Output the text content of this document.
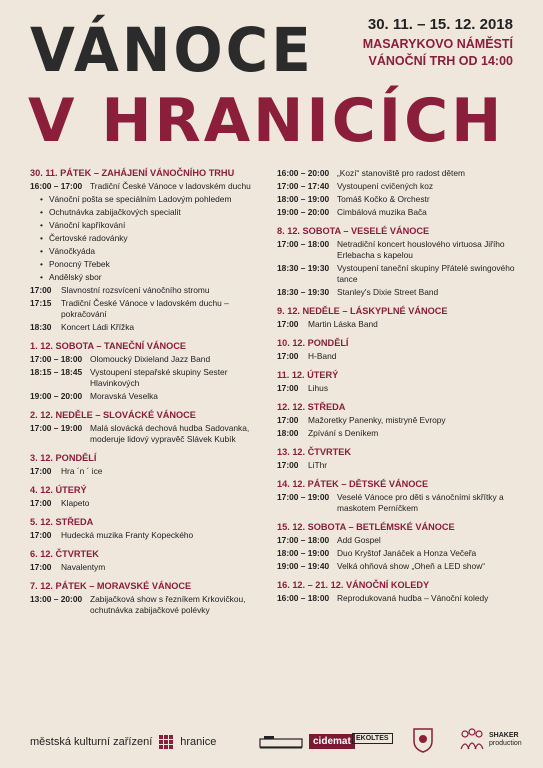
VÁNOCE
V HRANICÍCH
30. 11. – 15. 12. 2018
MASARYKOVO NÁMĚSTÍ
VÁNOČNÍ TRH OD 14:00
30. 11. PÁTEK – ZAHÁJENÍ VÁNOČNÍHO TRHU
16:00 – 17:00 Tradiční České Vánoce v ladovském duchu
• Vánoční pošta se speciálním Ladovým pohledem
• Ochutnávka zabijačkových specialit
• Vánoční kapříkování
• Čertovské radovánky
• Vánočkyáda
• Ponocný Třebek
• Andělský sbor
17:00	Slavnostní rozsvícení vánočního stromu
17:15	Tradiční České Vánoce v ladovském duchu – pokračování
18:30	Koncert Ládi Křížka
1. 12. SOBOTA – TANEČNÍ VÁNOCE
17:00 – 18:00 Olomoucký Dixieland Jazz Band
18:15 – 18:45 Vystoupení stepařské skupiny Sester Hlavinkových
19:00 – 20:00 Moravská Veselka
2. 12. NEDĚLE – SLOVÁCKÉ VÁNOCE
17:00 – 19:00 Malá slovácká dechová hudba Sadovanka, moderuje lidový vypravěč Slávek Kubík
3. 12. PONDĚLÍ
17:00	Hra ´n ´ ice
4. 12. ÚTERÝ
17:00	Klapeto
5. 12. STŘEDA
17:00	Hudecká muzika Franty Kopeckého
6. 12. ČTVRTEK
17:00	Navalentym
7. 12. PÁTEK – MORAVSKÉ VÁNOCE
13:00 – 20:00 Zabijačková show s řezníkem Krkovičkou, ochutnávka zabijačkové polévky
16:00 – 20:00 „Kozí“ stanoviště pro radost dětem
17:00 – 17:40 Vystoupení cvičených koz
18:00 – 19:00 Tomáš Kočko & Orchestr
19:00 – 20:00 Cimbálová muzika Bača
8. 12. SOBOTA – VESELÉ VÁNOCE
17:00 – 18:00 Netradiční koncert houslového virtuosa Jiřího Erlebacha s kapelou
18:30 – 19:30 Vystoupení taneční skupiny Přátelé swingového tance
18:30 – 19:30 Stanley's Dixie Street Band
9. 12. NEDĚLE – LÁSKYPLNÉ VÁNOCE
17:00	Martin Láska Band
10. 12. PONDĚLÍ
17:00	H-Band
11. 12. ÚTERÝ
17:00	Lihus
12. 12. STŘEDA
17:00	Mažoretky Panenky, mistryně Evropy
18:00	Zpívání s Deníkem
13. 12. ČTVRTEK
17:00	LiThr
14. 12. PÁTEK – DĚTSKÉ VÁNOCE
17:00 – 19:00 Veselé Vánoce pro děti s vánočními skřítky a maskotem Perníčkem
15. 12. SOBOTA – BETLÉMSKÉ VÁNOCE
17:00 – 18:00 Add Gospel
18:00 – 19:00 Duo Kryštof Janáček a Honza Večeřa
19:00 – 19:40 Velká ohňová show „Oheň a LED show“
16. 12. – 21. 12. VÁNOČNÍ KOLEDY
16:00 – 18:00 Reprodukovaná hudba – Vánoční koledy
městská kulturní zařízení	hranice	cidemat EKOLTES	SHAKER
production
